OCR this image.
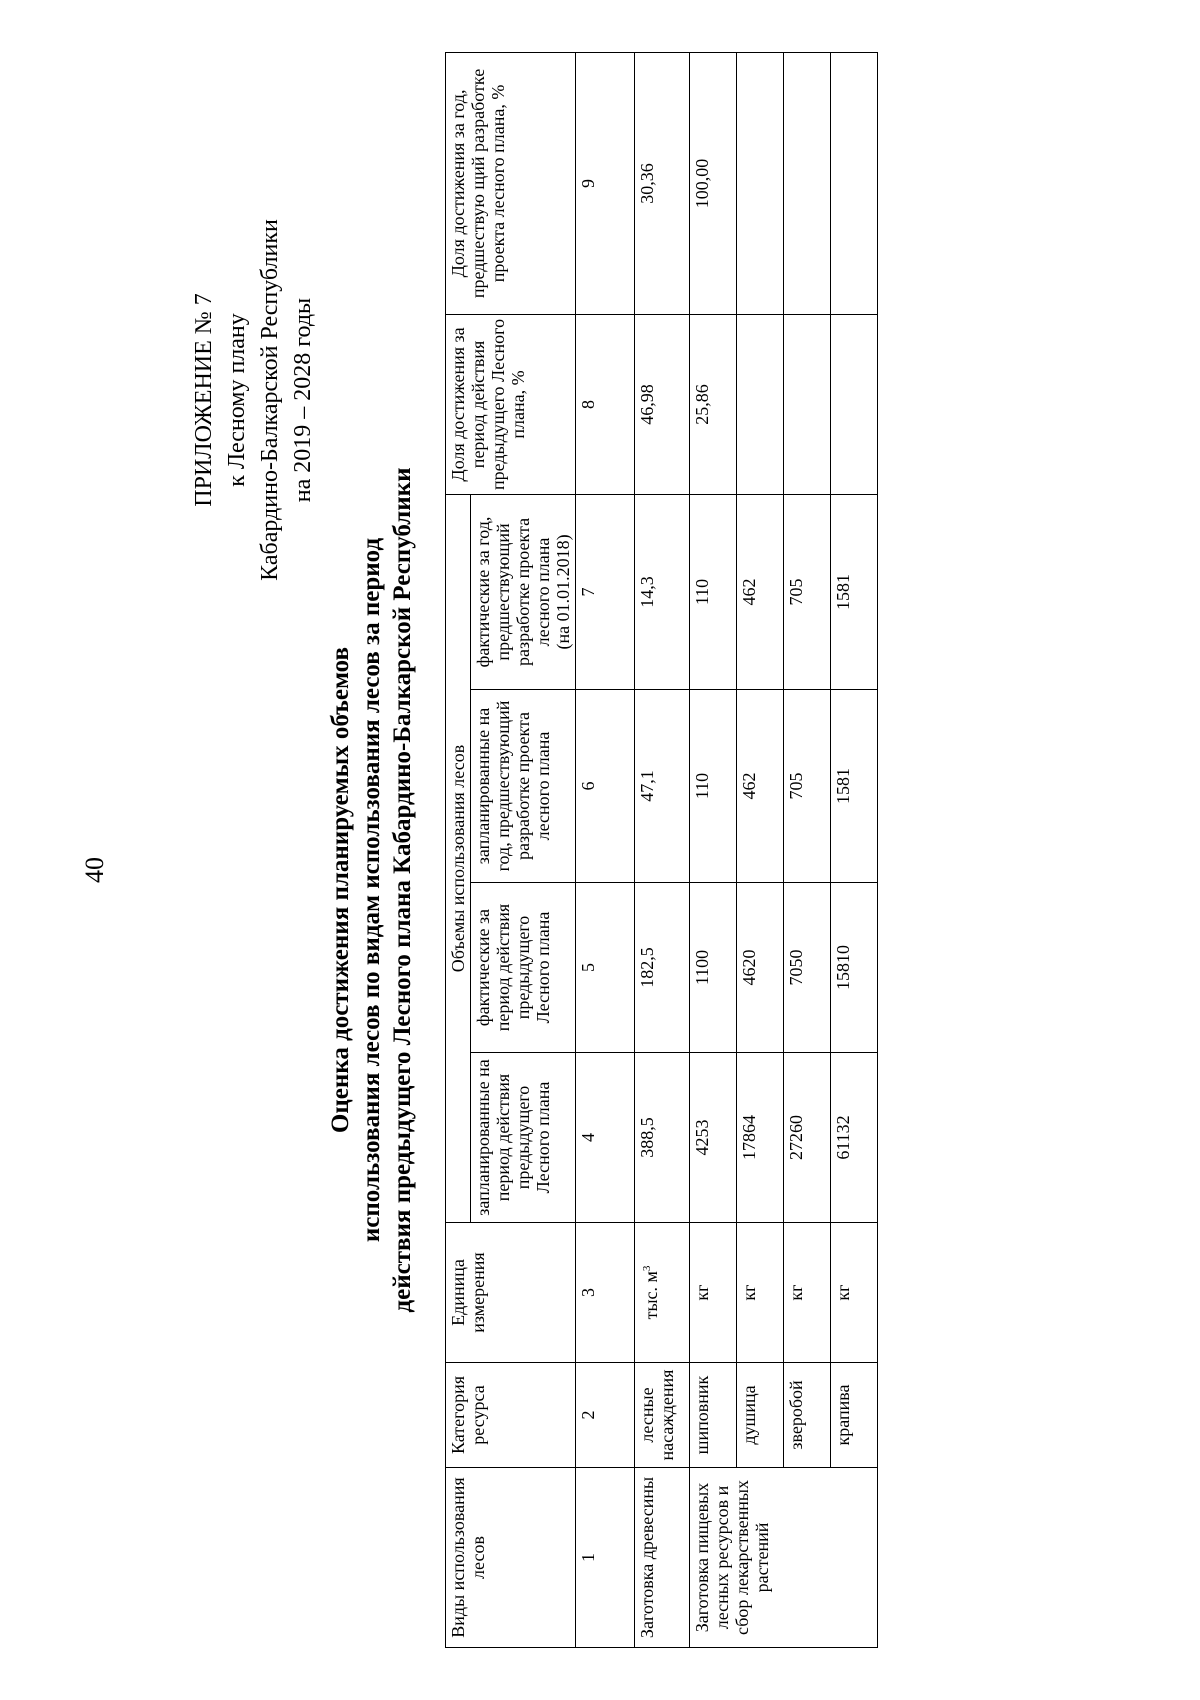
40
ПРИЛОЖЕНИЕ № 7 к Лесному плану Кабардино-Балкарской Республики на 2019 – 2028 годы
Оценка достижения планируемых объемов использования лесов по видам использования лесов за период действия предыдущего Лесного плана Кабардино-Балкарской Республики
Виды использования лесов	Категория ресурса	Единица измерения	Объемы использования лесов				Доля достижения за период действия предыдущего Лесного плана, %	Доля достижения за год, предшествую щий разработке проекта лесного плана, %
			запланированные на период действия предыдущего Лесного плана	фактические за период действия предыдущего Лесного плана	запланированные на год, предшествующий разработке проекта лесного плана	фактические за год, предшествующий разработке проекта лесного плана
(на 01.01.2018)		
1	2	3	4	5	6	7	8	9
Заготовка древесины	лесные насаждения	тыс. $м^3$	388,5	182,5	47,1	14,3	46,98	30,36
Заготовка пищевых лесных ресурсов и сбор лекарственных растений	шиповник	кг	4253	1100	110	110	25,86	100,00
	душица	кг	17864	4620	462	462		
	зверобой	кг	27260	7050	705	705		
	крапива	кг	61132	15810	1581	1581		
